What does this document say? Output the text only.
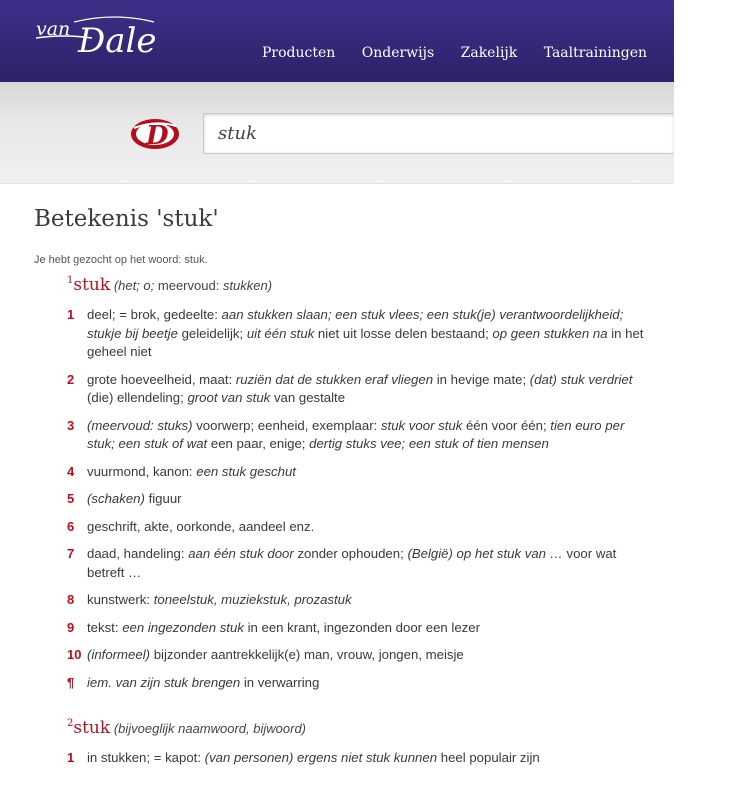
van Dale	Producten Onderwijs Zakelijk Taaltrainingen Gratis
D
stuk
Betekenis 'stuk'

Je hebt gezocht op het woord: stuk.

$^1$stuk (het; o; meervoud: stukken)
1 deel; = brok, gedeelte: aan stukken slaan; een stuk vlees; een stuk(je) verantwoordelijkheid; stukje bij beetje geleidelijk; uit één stuk niet uit losse delen bestaand; op geen stukken na in het geheel niet
2 grote hoeveelheid, maat: ruziën dat de stukken eraf vliegen in hevige mate; (dat) stuk verdriet (die) ellendeling; groot van stuk van gestalte
3 (meervoud: stuks) voorwerp; eenheid, exemplaar: stuk voor stuk één voor één; tien euro per stuk; een stuk of wat een paar, enige; dertig stuks vee; een stuk of tien mensen
4 vuurmond, kanon: een stuk geschut
5 (schaken) figuur
6 geschrift, akte, oorkonde, aandeel enz.
7 daad, handeling: aan één stuk door zonder ophouden; (België) op het stuk van … voor wat betreft …
8 kunstwerk: toneelstuk, muziekstuk, prozastuk
9 tekst: een ingezonden stuk in een krant, ingezonden door een lezer
10 (informeel) bijzonder aantrekkelijk(e) man, vrouw, jongen, meisje
¶ iem. van zijn stuk brengen in verwarring
$^2$stuk (bijvoeglijk naamwoord, bijwoord)
1 in stukken; = kapot: (van personen) ergens niet stuk kunnen heel populair zijn
